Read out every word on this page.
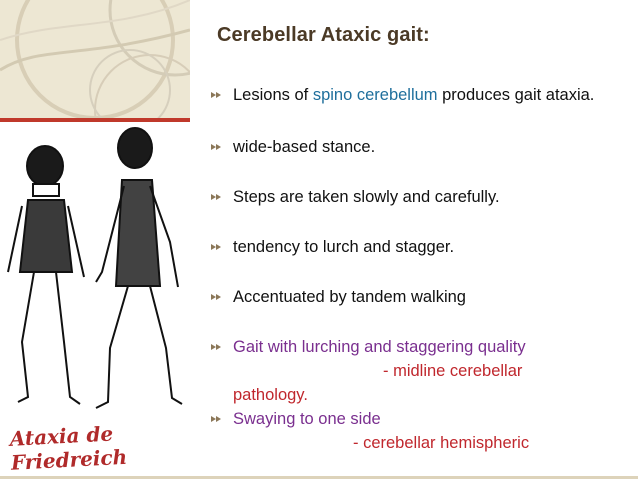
Ataxia de Friedreich
Cerebellar Ataxic gait:
Lesions of spino cerebellum produces gait ataxia.
wide-based stance.
Steps are taken slowly and carefully.
tendency to lurch and stagger.
Accentuated by tandem walking
Gait with lurching and staggering quality
- midline cerebellar
pathology.
Swaying to one side
- cerebellar hemispheric
